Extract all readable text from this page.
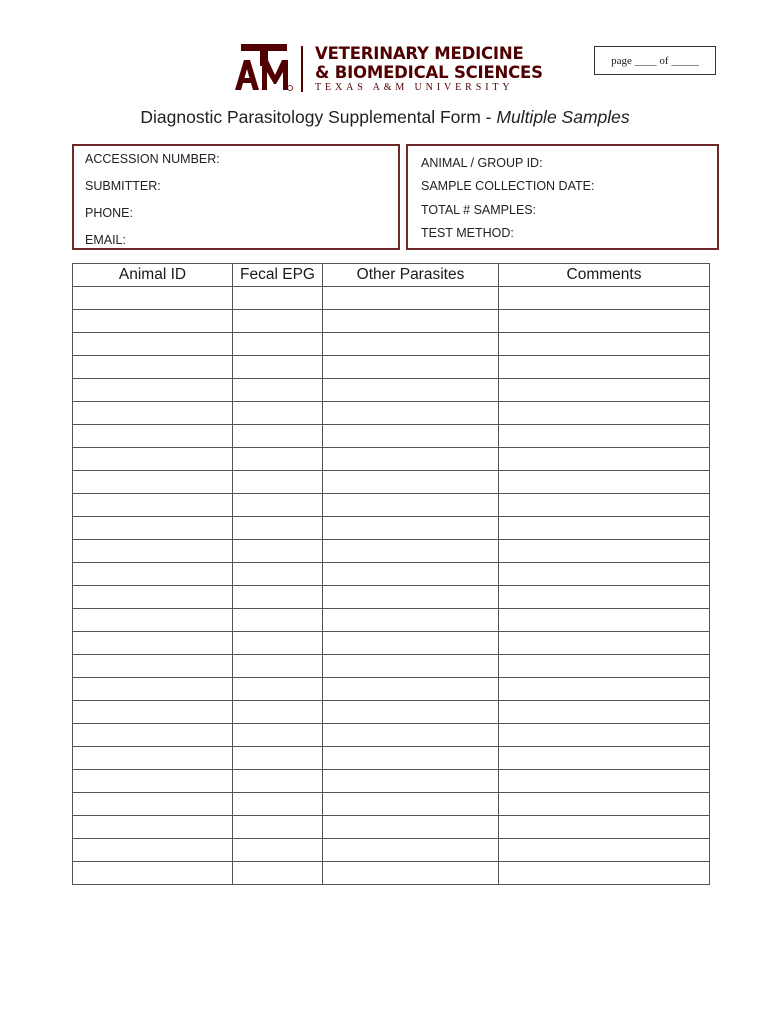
VETERINARY MEDICINE
& BIOMEDICAL SCIENCES
TEXAS A&M UNIVERSITY
page ____ of _____
Diagnostic Parasitology Supplemental Form - Multiple Samples
ACCESSION NUMBER:
SUBMITTER:
PHONE:
EMAIL:
ANIMAL / GROUP ID:
SAMPLE COLLECTION DATE:
TOTAL # SAMPLES:
TEST METHOD:
Animal ID	Fecal EPG	Other Parasites	Comments
